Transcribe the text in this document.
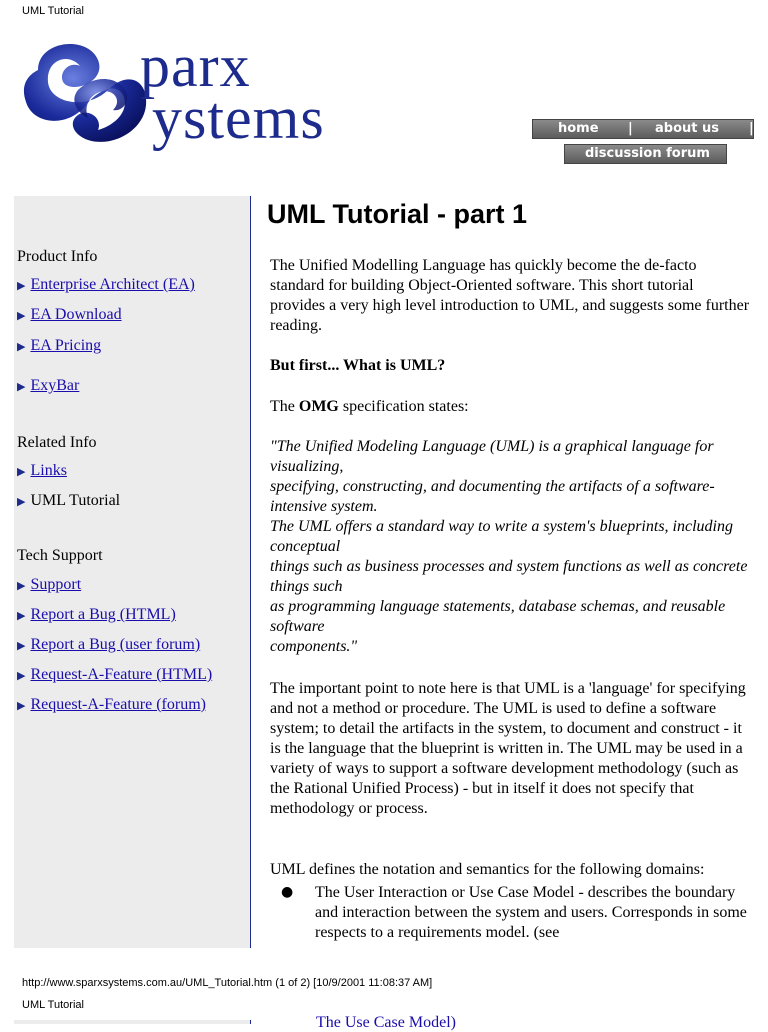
UML Tutorial
parx
ystems	home | about us |
discussion forum
Product Info
▶ Enterprise Architect (EA)
▶ EA Download
▶ EA Pricing
▶ ExyBar
Related Info
▶ Links
▶ UML Tutorial
Tech Support
▶ Support
▶ Report a Bug (HTML)
▶ Report a Bug (user forum)
▶ Request-A-Feature (HTML)
▶ Request-A-Feature (forum)
UML Tutorial - part 1
The Unified Modelling Language has quickly become the de-facto standard for building Object-Oriented software. This short tutorial provides a very high level introduction to UML, and suggests some further reading.
But first... What is UML?
The OMG specification states:
"The Unified Modeling Language (UML) is a graphical language for visualizing,
specifying, constructing, and documenting the artifacts of a software-intensive system.
The UML offers a standard way to write a system's blueprints, including conceptual
things such as business processes and system functions as well as concrete things such
as programming language statements, database schemas, and reusable software
components."
The important point to note here is that UML is a 'language' for specifying and not a method or procedure. The UML is used to define a software system; to detail the artifacts in the system, to document and construct - it is the language that the blueprint is written in. The UML may be used in a variety of ways to support a software development methodology (such as the Rational Unified Process) - but in itself it does not specify that methodology or process.
UML defines the notation and semantics for the following domains:
● The User Interaction or Use Case Model - describes the boundary and interaction between the system and users. Corresponds in some respects to a requirements model. (see
http://www.sparxsystems.com.au/UML_Tutorial.htm (1 of 2) [10/9/2001 11:08:37 AM]
UML Tutorial
The Use Case Model)
